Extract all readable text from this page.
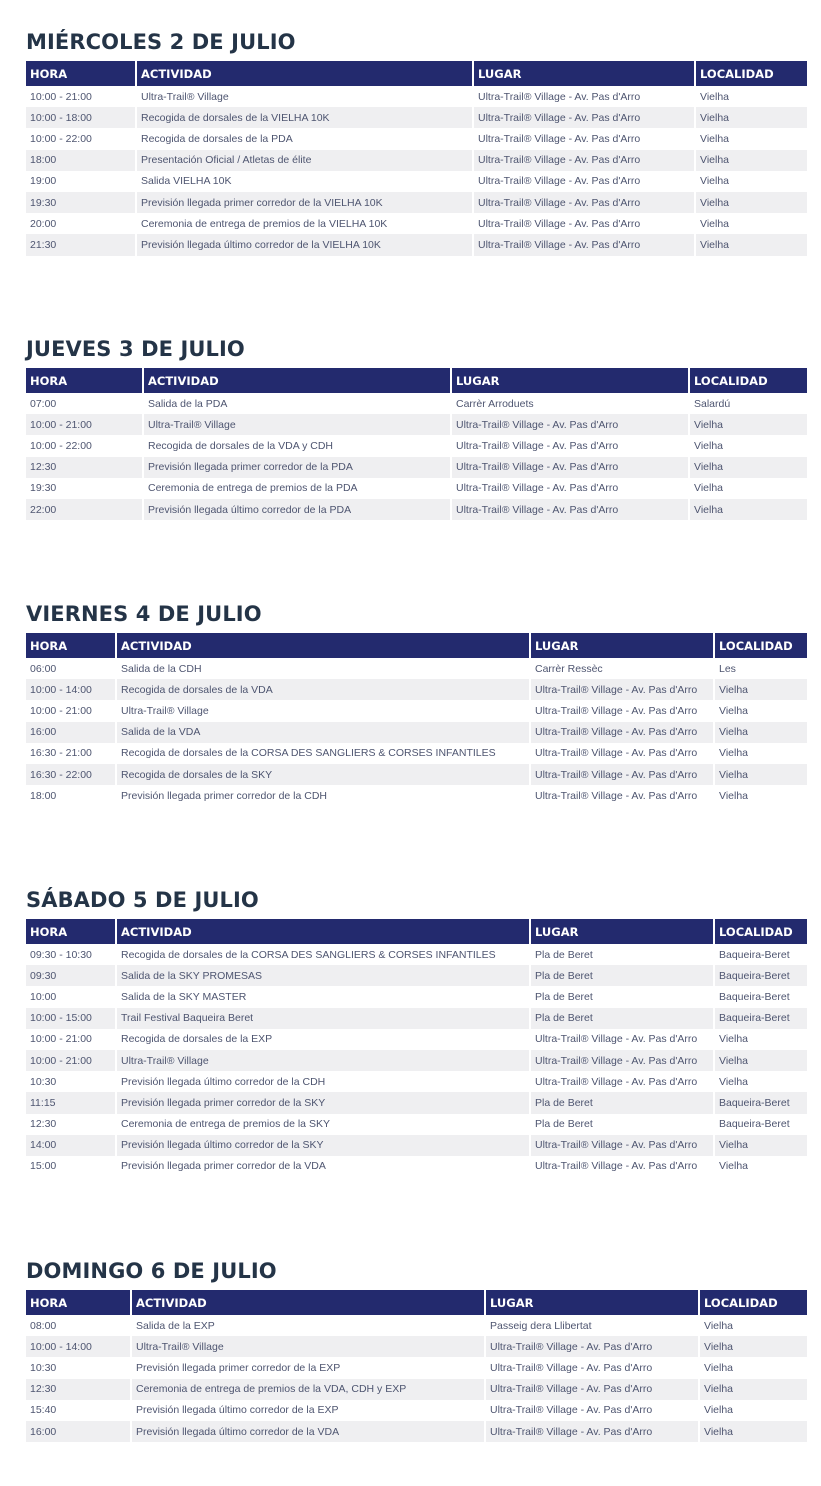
MIÉRCOLES 2 DE JULIO
HORA	ACTIVIDAD	LUGAR	LOCALIDAD
10:00 - 21:00	Ultra-Trail® Village	Ultra-Trail® Village - Av. Pas d'Arro	Vielha
10:00 - 18:00	Recogida de dorsales de la VIELHA 10K	Ultra-Trail® Village - Av. Pas d'Arro	Vielha
10:00 - 22:00	Recogida de dorsales de la PDA	Ultra-Trail® Village - Av. Pas d'Arro	Vielha
18:00	Presentación Oficial / Atletas de élite	Ultra-Trail® Village - Av. Pas d'Arro	Vielha
19:00	Salida VIELHA 10K	Ultra-Trail® Village - Av. Pas d'Arro	Vielha
19:30	Previsión llegada primer corredor de la VIELHA 10K	Ultra-Trail® Village - Av. Pas d'Arro	Vielha
20:00	Ceremonia de entrega de premios de la VIELHA 10K	Ultra-Trail® Village - Av. Pas d'Arro	Vielha
21:30	Previsión llegada último corredor de la VIELHA 10K	Ultra-Trail® Village - Av. Pas d'Arro	Vielha
JUEVES 3 DE JULIO
HORA	ACTIVIDAD	LUGAR	LOCALIDAD
07:00	Salida de la PDA	Carrèr Arroduets	Salardú
10:00 - 21:00	Ultra-Trail® Village	Ultra-Trail® Village - Av. Pas d'Arro	Vielha
10:00 - 22:00	Recogida de dorsales de la VDA y CDH	Ultra-Trail® Village - Av. Pas d'Arro	Vielha
12:30	Previsión llegada primer corredor de la PDA	Ultra-Trail® Village - Av. Pas d'Arro	Vielha
19:30	Ceremonia de entrega de premios de la PDA	Ultra-Trail® Village - Av. Pas d'Arro	Vielha
22:00	Previsión llegada último corredor de la PDA	Ultra-Trail® Village - Av. Pas d'Arro	Vielha
VIERNES 4 DE JULIO
HORA	ACTIVIDAD	LUGAR	LOCALIDAD
06:00	Salida de la CDH	Carrèr Ressèc	Les
10:00 - 14:00	Recogida de dorsales de la VDA	Ultra-Trail® Village - Av. Pas d'Arro	Vielha
10:00 - 21:00	Ultra-Trail® Village	Ultra-Trail® Village - Av. Pas d'Arro	Vielha
16:00	Salida de la VDA	Ultra-Trail® Village - Av. Pas d'Arro	Vielha
16:30 - 21:00	Recogida de dorsales de la CORSA DES SANGLIERS & CORSES INFANTILES	Ultra-Trail® Village - Av. Pas d'Arro	Vielha
16:30 - 22:00	Recogida de dorsales de la SKY	Ultra-Trail® Village - Av. Pas d'Arro	Vielha
18:00	Previsión llegada primer corredor de la CDH	Ultra-Trail® Village - Av. Pas d'Arro	Vielha
SÁBADO 5 DE JULIO
HORA	ACTIVIDAD	LUGAR	LOCALIDAD
09:30 - 10:30	Recogida de dorsales de la CORSA DES SANGLIERS & CORSES INFANTILES	Pla de Beret	Baqueira-Beret
09:30	Salida de la SKY PROMESAS	Pla de Beret	Baqueira-Beret
10:00	Salida de la SKY MASTER	Pla de Beret	Baqueira-Beret
10:00 - 15:00	Trail Festival Baqueira Beret	Pla de Beret	Baqueira-Beret
10:00 - 21:00	Recogida de dorsales de la EXP	Ultra-Trail® Village - Av. Pas d'Arro	Vielha
10:00 - 21:00	Ultra-Trail® Village	Ultra-Trail® Village - Av. Pas d'Arro	Vielha
10:30	Previsión llegada último corredor de la CDH	Ultra-Trail® Village - Av. Pas d'Arro	Vielha
11:15	Previsión llegada primer corredor de la SKY	Pla de Beret	Baqueira-Beret
12:30	Ceremonia de entrega de premios de la SKY	Pla de Beret	Baqueira-Beret
14:00	Previsión llegada último corredor de la SKY	Ultra-Trail® Village - Av. Pas d'Arro	Vielha
15:00	Previsión llegada primer corredor de la VDA	Ultra-Trail® Village - Av. Pas d'Arro	Vielha
DOMINGO 6 DE JULIO
HORA	ACTIVIDAD	LUGAR	LOCALIDAD
08:00	Salida de la EXP	Passeig dera Llibertat	Vielha
10:00 - 14:00	Ultra-Trail® Village	Ultra-Trail® Village - Av. Pas d'Arro	Vielha
10:30	Previsión llegada primer corredor de la EXP	Ultra-Trail® Village - Av. Pas d'Arro	Vielha
12:30	Ceremonia de entrega de premios de la VDA, CDH y EXP	Ultra-Trail® Village - Av. Pas d'Arro	Vielha
15:40	Previsión llegada último corredor de la EXP	Ultra-Trail® Village - Av. Pas d'Arro	Vielha
16:00	Previsión llegada último corredor de la VDA	Ultra-Trail® Village - Av. Pas d'Arro	Vielha
